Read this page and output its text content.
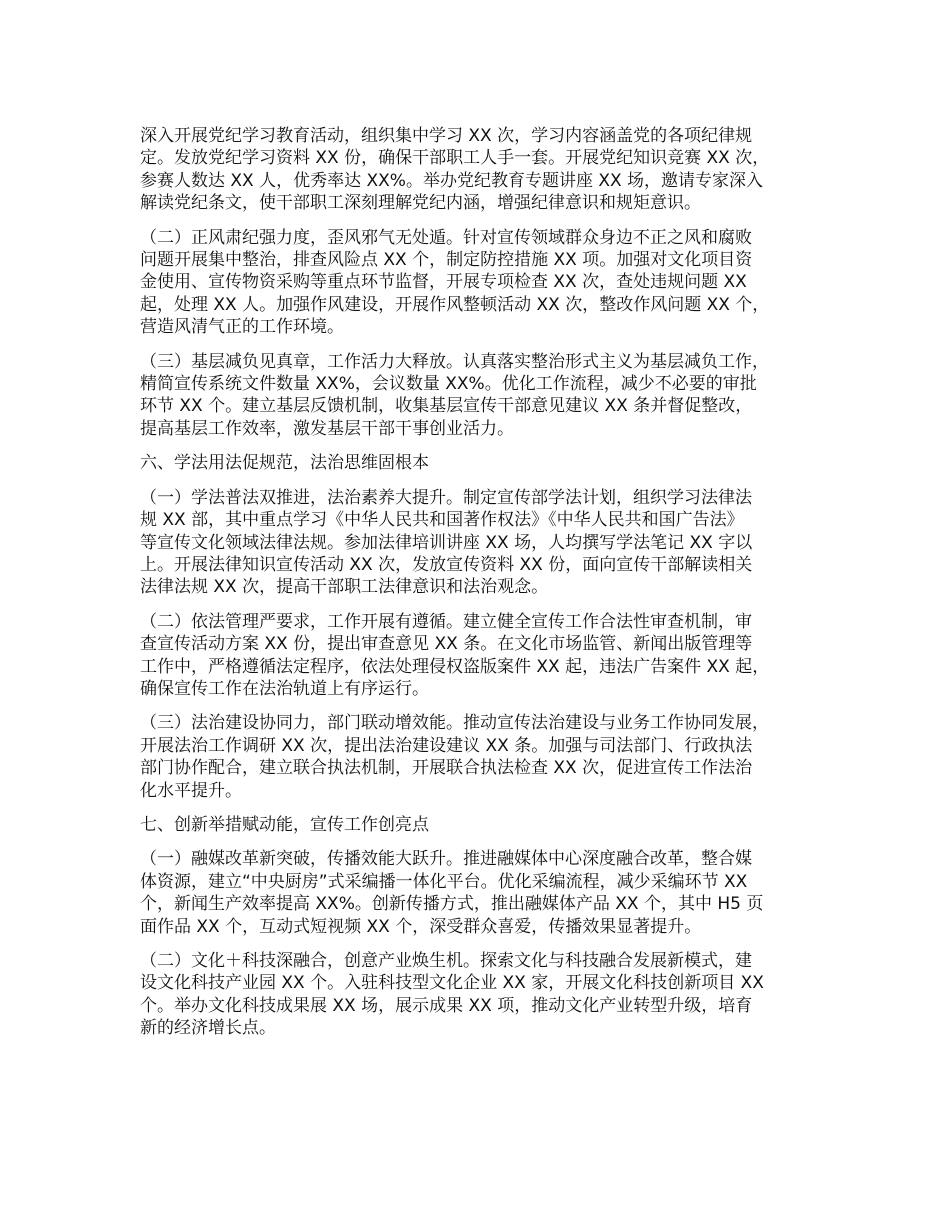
深入开展党纪学习教育活动，组织集中学习 XX 次，学习内容涵盖党的各项纪律规
定。发放党纪学习资料 XX 份，确保干部职工人手一套。开展党纪知识竞赛 XX 次，
参赛人数达 XX 人，优秀率达 XX%。举办党纪教育专题讲座 XX 场，邀请专家深入
解读党纪条文，使干部职工深刻理解党纪内涵，增强纪律意识和规矩意识。
（二）正风肃纪强力度，歪风邪气无处遁。针对宣传领域群众身边不正之风和腐败
问题开展集中整治，排查风险点 XX 个，制定防控措施 XX 项。加强对文化项目资
金使用、宣传物资采购等重点环节监督，开展专项检查 XX 次，查处违规问题 XX
起，处理 XX 人。加强作风建设，开展作风整顿活动 XX 次，整改作风问题 XX 个，
营造风清气正的工作环境。
（三）基层减负见真章，工作活力大释放。认真落实整治形式主义为基层减负工作，
精简宣传系统文件数量 XX%，会议数量 XX%。优化工作流程，减少不必要的审批
环节 XX 个。建立基层反馈机制，收集基层宣传干部意见建议 XX 条并督促整改，
提高基层工作效率，激发基层干部干事创业活力。
六、学法用法促规范，法治思维固根本
（一）学法普法双推进，法治素养大提升。制定宣传部学法计划，组织学习法律法
规 XX 部，其中重点学习《中华人民共和国著作权法》《中华人民共和国广告法》
等宣传文化领域法律法规。参加法律培训讲座 XX 场，人均撰写学法笔记 XX 字以
上。开展法律知识宣传活动 XX 次，发放宣传资料 XX 份，面向宣传干部解读相关
法律法规 XX 次，提高干部职工法律意识和法治观念。
（二）依法管理严要求，工作开展有遵循。建立健全宣传工作合法性审查机制，审
查宣传活动方案 XX 份，提出审查意见 XX 条。在文化市场监管、新闻出版管理等
工作中，严格遵循法定程序，依法处理侵权盗版案件 XX 起，违法广告案件 XX 起，
确保宣传工作在法治轨道上有序运行。
（三）法治建设协同力，部门联动增效能。推动宣传法治建设与业务工作协同发展，
开展法治工作调研 XX 次，提出法治建设建议 XX 条。加强与司法部门、行政执法
部门协作配合，建立联合执法机制，开展联合执法检查 XX 次，促进宣传工作法治
化水平提升。
七、创新举措赋动能，宣传工作创亮点
（一）融媒改革新突破，传播效能大跃升。推进融媒体中心深度融合改革，整合媒
体资源，建立“中央厨房”式采编播一体化平台。优化采编流程，减少采编环节 XX
个，新闻生产效率提高 XX%。创新传播方式，推出融媒体产品 XX 个，其中 H5 页
面作品 XX 个，互动式短视频 XX 个，深受群众喜爱，传播效果显著提升。
（二）文化＋科技深融合，创意产业焕生机。探索文化与科技融合发展新模式，建
设文化科技产业园 XX 个。入驻科技型文化企业 XX 家，开展文化科技创新项目 XX
个。举办文化科技成果展 XX 场，展示成果 XX 项，推动文化产业转型升级，培育
新的经济增长点。
